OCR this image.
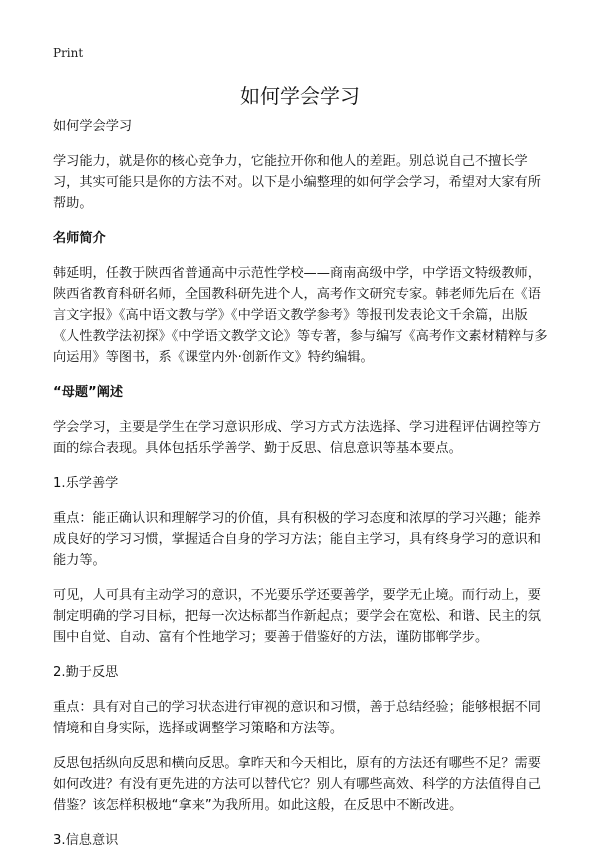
Print
如何学会学习

如何学会学习

学习能力，就是你的核心竞争力，它能拉开你和他人的差距。别总说自己不擅长学习，其实可能只是你的方法不对。以下是小编整理的如何学会学习，希望对大家有所帮助。

名师简介

韩延明，任教于陕西省普通高中示范性学校——商南高级中学，中学语文特级教师，陕西省教育科研名师，全国教科研先进个人，高考作文研究专家。韩老师先后在《语言文字报》《高中语文教与学》《中学语文教学参考》等报刊发表论文千余篇，出版《人性教学法初探》《中学语文教学文论》等专著，参与编写《高考作文素材精粹与多向运用》等图书，系《课堂内外·创新作文》特约编辑。

“母题”阐述

学会学习，主要是学生在学习意识形成、学习方式方法选择、学习进程评估调控等方面的综合表现。具体包括乐学善学、勤于反思、信息意识等基本要点。

1.乐学善学

重点：能正确认识和理解学习的价值，具有积极的学习态度和浓厚的学习兴趣；能养成良好的学习习惯，掌握适合自身的学习方法；能自主学习，具有终身学习的意识和能力等。

可见，人可具有主动学习的意识，不光要乐学还要善学，要学无止境。而行动上，要制定明确的学习目标，把每一次达标都当作新起点；要学会在宽松、和谐、民主的氛围中自觉、自动、富有个性地学习；要善于借鉴好的方法，谨防邯郸学步。

2.勤于反思

重点：具有对自己的学习状态进行审视的意识和习惯，善于总结经验；能够根据不同情境和自身实际，选择或调整学习策略和方法等。

反思包括纵向反思和横向反思。拿昨天和今天相比，原有的方法还有哪些不足？需要如何改进？有没有更先进的方法可以替代它？别人有哪些高效、科学的方法值得自己借鉴？该怎样积极地“拿来”为我所用。如此这般，在反思中不断改进。

3.信息意识
